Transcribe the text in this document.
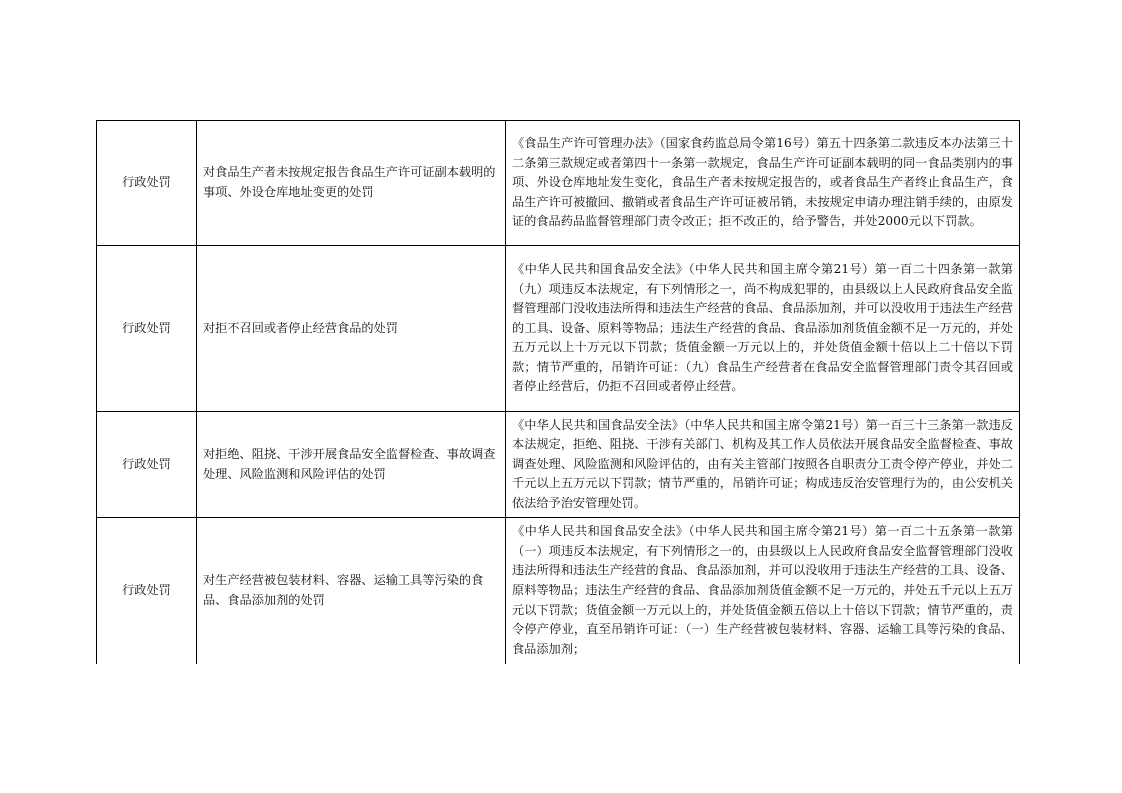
行政处罚	对食品生产者未按规定报告食品生产许可证副本载明的事项、外设仓库地址变更的处罚	《食品生产许可管理办法》（国家食药监总局令第16号）第五十四条第二款违反本办法第三十二条第三款规定或者第四十一条第一款规定，食品生产许可证副本载明的同一食品类别内的事项、外设仓库地址发生变化，食品生产者未按规定报告的，或者食品生产者终止食品生产，食品生产许可被撤回、撤销或者食品生产许可证被吊销，未按规定申请办理注销手续的，由原发证的食品药品监督管理部门责令改正；拒不改正的，给予警告，并处2000元以下罚款。
行政处罚	对拒不召回或者停止经营食品的处罚	《中华人民共和国食品安全法》（中华人民共和国主席令第21号）第一百二十四条第一款第（九）项违反本法规定，有下列情形之一，尚不构成犯罪的，由县级以上人民政府食品安全监督管理部门没收违法所得和违法生产经营的食品、食品添加剂，并可以没收用于违法生产经营的工具、设备、原料等物品；违法生产经营的食品、食品添加剂货值金额不足一万元的，并处五万元以上十万元以下罚款；货值金额一万元以上的，并处货值金额十倍以上二十倍以下罚款；情节严重的，吊销许可证：（九）食品生产经营者在食品安全监督管理部门责令其召回或者停止经营后，仍拒不召回或者停止经营。
行政处罚	对拒绝、阻挠、干涉开展食品安全监督检查、事故调查处理、风险监测和风险评估的处罚	《中华人民共和国食品安全法》（中华人民共和国主席令第21号）第一百三十三条第一款违反本法规定，拒绝、阻挠、干涉有关部门、机构及其工作人员依法开展食品安全监督检查、事故调查处理、风险监测和风险评估的，由有关主管部门按照各自职责分工责令停产停业，并处二千元以上五万元以下罚款；情节严重的，吊销许可证；构成违反治安管理行为的，由公安机关依法给予治安管理处罚。
行政处罚	对生产经营被包装材料、容器、运输工具等污染的食品、食品添加剂的处罚	《中华人民共和国食品安全法》（中华人民共和国主席令第21号）第一百二十五条第一款第（一）项违反本法规定，有下列情形之一的，由县级以上人民政府食品安全监督管理部门没收违法所得和违法生产经营的食品、食品添加剂，并可以没收用于违法生产经营的工具、设备、原料等物品；违法生产经营的食品、食品添加剂货值金额不足一万元的，并处五千元以上五万元以下罚款；货值金额一万元以上的，并处货值金额五倍以上十倍以下罚款；情节严重的，责令停产停业，直至吊销许可证：（一）生产经营被包装材料、容器、运输工具等污染的食品、食品添加剂；
